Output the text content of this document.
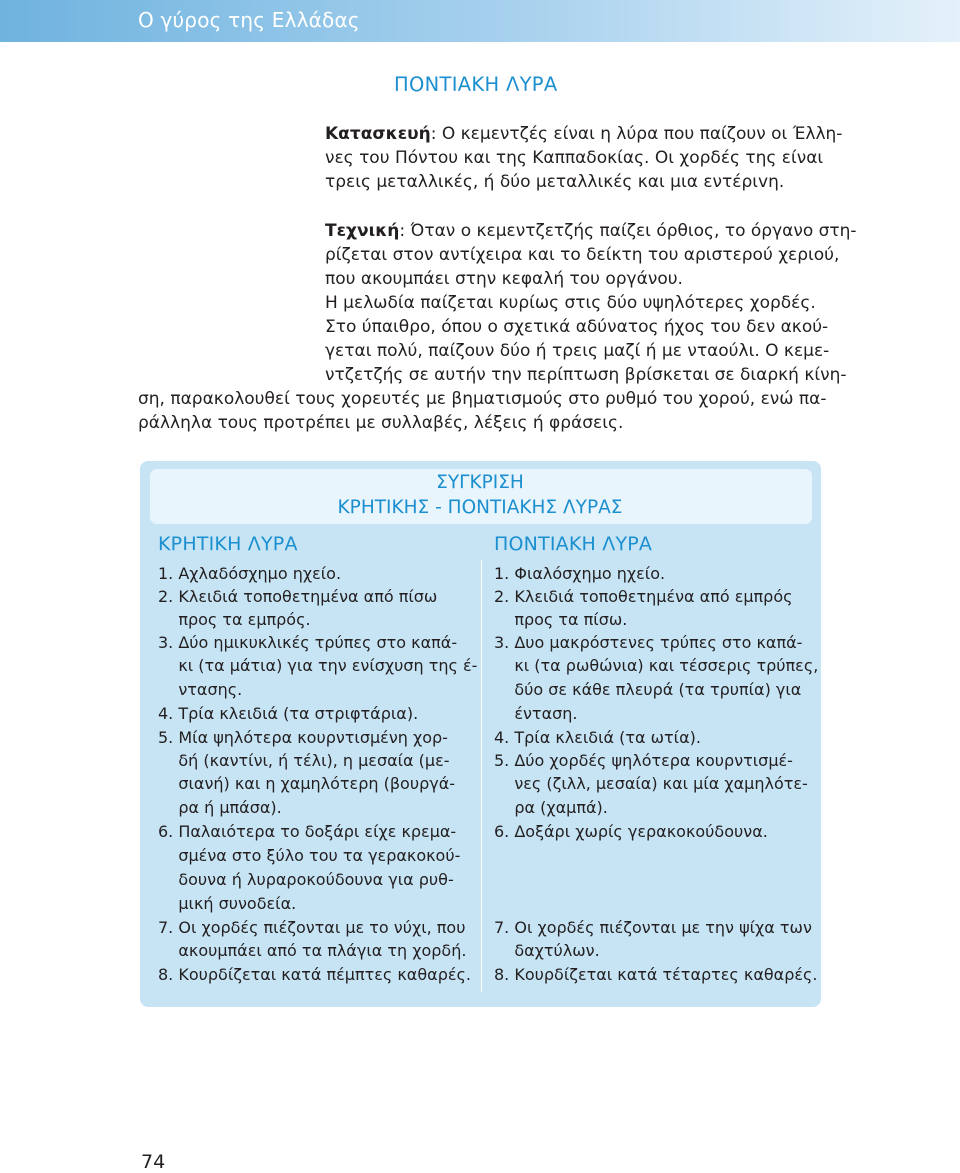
Ο γύρος της Ελλάδας
ΠΟΝΤΙΑΚΗ ΛΥΡΑ
Κατασκευή: Ο κεμεντζές είναι η λύρα που παίζουν οι Έλλη-
νες του Πόντου και της Καππαδοκίας. Οι χορδές της είναι
τρεις μεταλλικές, ή δύο μεταλλικές και μια εντέριvη.
Τεχνική: Όταν ο κεμεντζετζής παίζει όρθιος, το όργανο στη-
ρίζεται στον αντίχειρα και το δείκτη του αριστερού χεριού,
που ακουμπάει στην κεφαλή του οργάνου.
Η μελωδία παίζεται κυρίως στις δύο υψηλότερες χορδές.
Στο ύπαιθρο, όπου ο σχετικά αδύνατος ήχος του δεν ακού-
γεται πολύ, παίζουν δύο ή τρεις μαζί ή με νταούλι. Ο κεμε-
ντζετζής σε αυτήν την περίπτωση βρίσκεται σε διαρκή κίνη-
ση, παρακολουθεί τους χορευτές με βηματισμούς στο ρυθμό του χορού, ενώ πα-
ράλληλα τους προτρέπει με συλλαβές, λέξεις ή φράσεις.
ΣΥΓΚΡΙΣΗ
ΚΡΗΤΙΚΗΣ - ΠΟΝΤΙΑΚΗΣ ΛΥΡΑΣ
ΚΡΗΤΙΚΗ ΛΥΡΑ	ΠΟΝΤΙΑΚΗ ΛΥΡΑ
1. Αχλαδόσχημο ηχείο.
2. Κλειδιά τοποθετημένα από πίσω
προς τα εμπρός.
3. Δύο ημικυκλικές τρύπες στο καπά-
κι (τα μάτια) για την ενίσχυση της έ-
ντασης.
4. Τρία κλειδιά (τα στριφτάρια).
5. Μία ψηλότερα κουρντισμένη χορ-
δή (καντίνι, ή τέλι), η μεσαία (με-
σιανή) και η χαμηλότερη (βουργά-
ρα ή μπάσα).
6. Παλαιότερα το δοξάρι είχε κρεμα-
σμένα στο ξύλο του τα γερακοκού-
δουνα ή λυραροκούδουνα για ρυθ-
μική συνοδεία.
7. Οι χορδές πιέζονται με το νύχι, που
ακουμπάει από τα πλάγια τη χορδή.
8. Κουρδίζεται κατά πέμπτες καθαρές.
1. Φιαλόσχημο ηχείο.
2. Κλειδιά τοποθετημένα από εμπρός
προς τα πίσω.
3. Δυο μακρόστενες τρύπες στο καπά-
κι (τα ρωθώνια) και τέσσερις τρύπες,
δύο σε κάθε πλευρά (τα τρυπία) για
ένταση.
4. Τρία κλειδιά (τα ωτία).
5. Δύο χορδές ψηλότερα κουρντισμέ-
νες (ζιλλ, μεσαία) και μία χαμηλότε-
ρα (χαμπά).
6. Δοξάρι χωρίς γερακοκούδουνα.
7. Οι χορδές πιέζονται με την ψίχα των
δαχτύλων.
8. Κουρδίζεται κατά τέταρτες καθαρές.
74
